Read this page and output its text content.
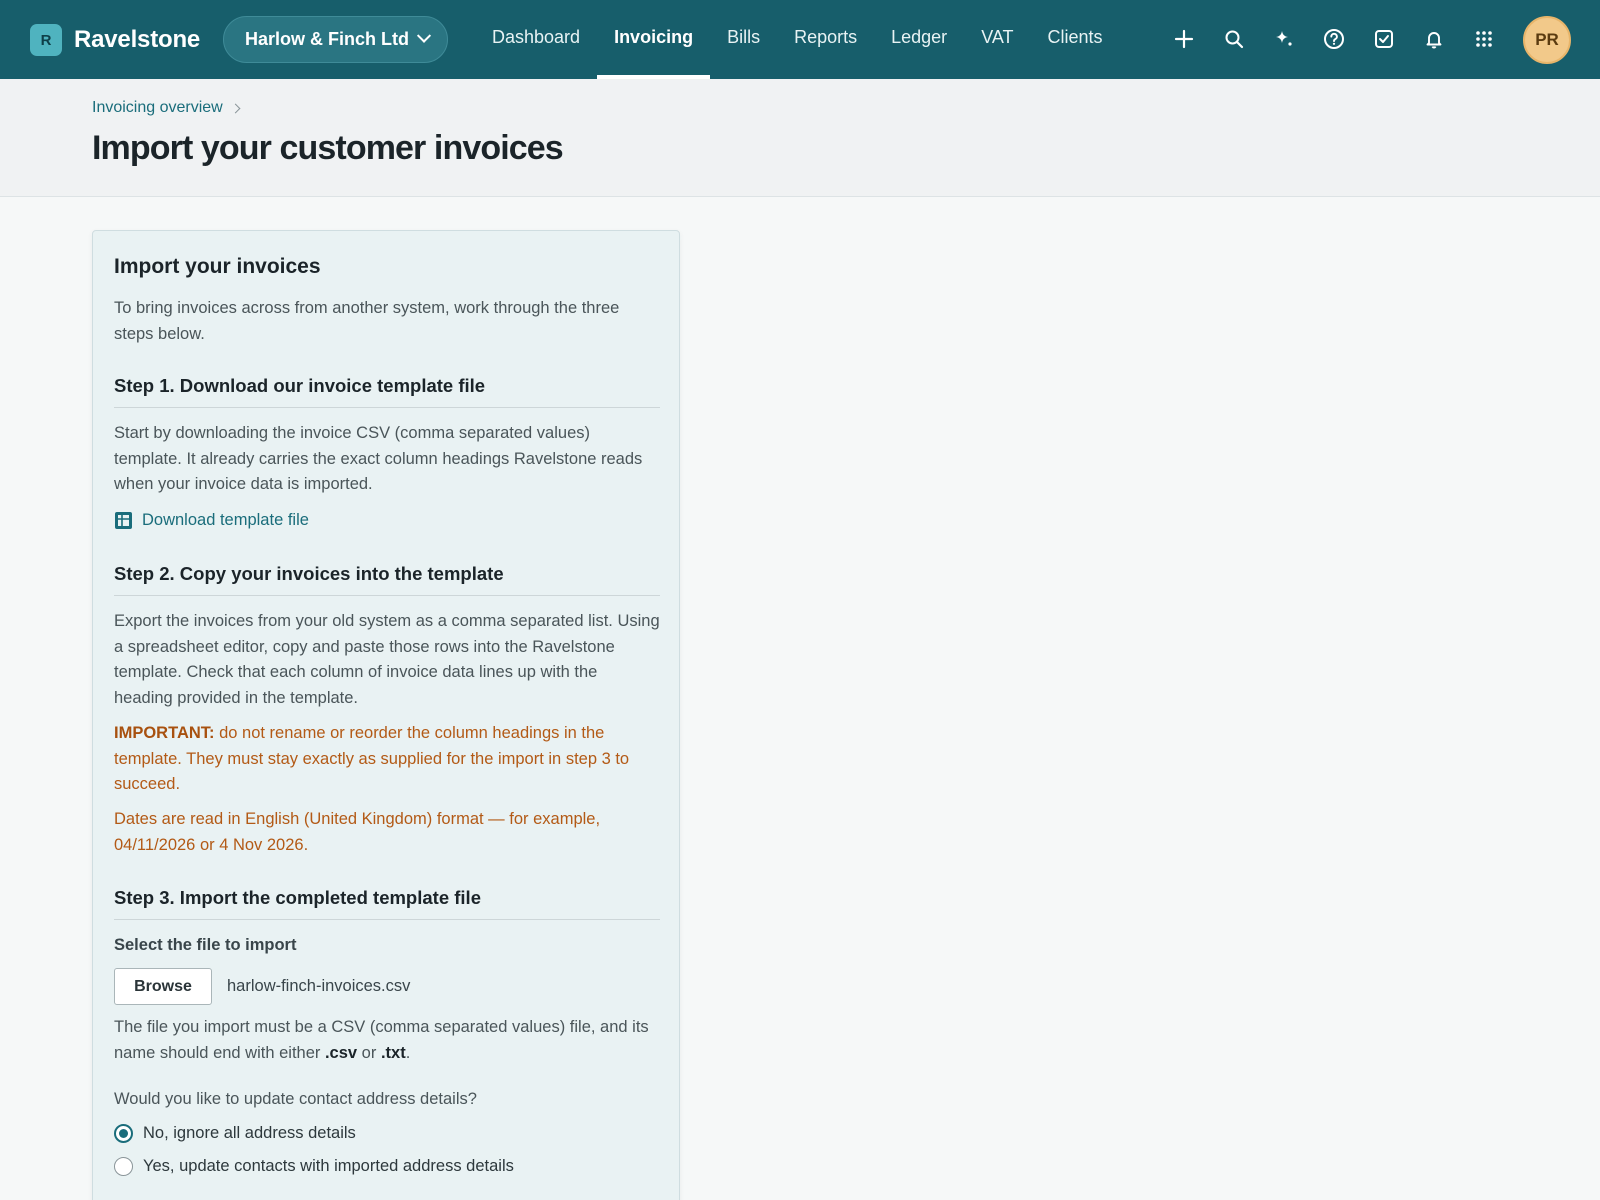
R Ravelstone Harlow & Finch Ltd	Dashboard	Invoicing	Bills	Reports	Ledger	VAT	Clients	PR
Invoicing overview
Import your customer invoices
Import your invoices

To bring invoices across from another system, work through the three steps below.

Step 1. Download our invoice template file

Start by downloading the invoice CSV (comma separated values) template. It already carries the exact column headings Ravelstone reads when your invoice data is imported.

Download template file
Step 2. Copy your invoices into the template

Export the invoices from your old system as a comma separated list. Using a spreadsheet editor, copy and paste those rows into the Ravelstone template. Check that each column of invoice data lines up with the heading provided in the template.

IMPORTANT: do not rename or reorder the column headings in the template. They must stay exactly as supplied for the import in step 3 to succeed.

Dates are read in English (United Kingdom) format — for example, 04/11/2026 or 4 Nov 2026.

Step 3. Import the completed template file
Select the file to import
Browse	harlow-finch-invoices.csv

The file you import must be a CSV (comma separated values) file, and its name should end with either .csv or .txt.

Would you like to update contact address details?
No, ignore all address details
Yes, update contacts with imported address details
